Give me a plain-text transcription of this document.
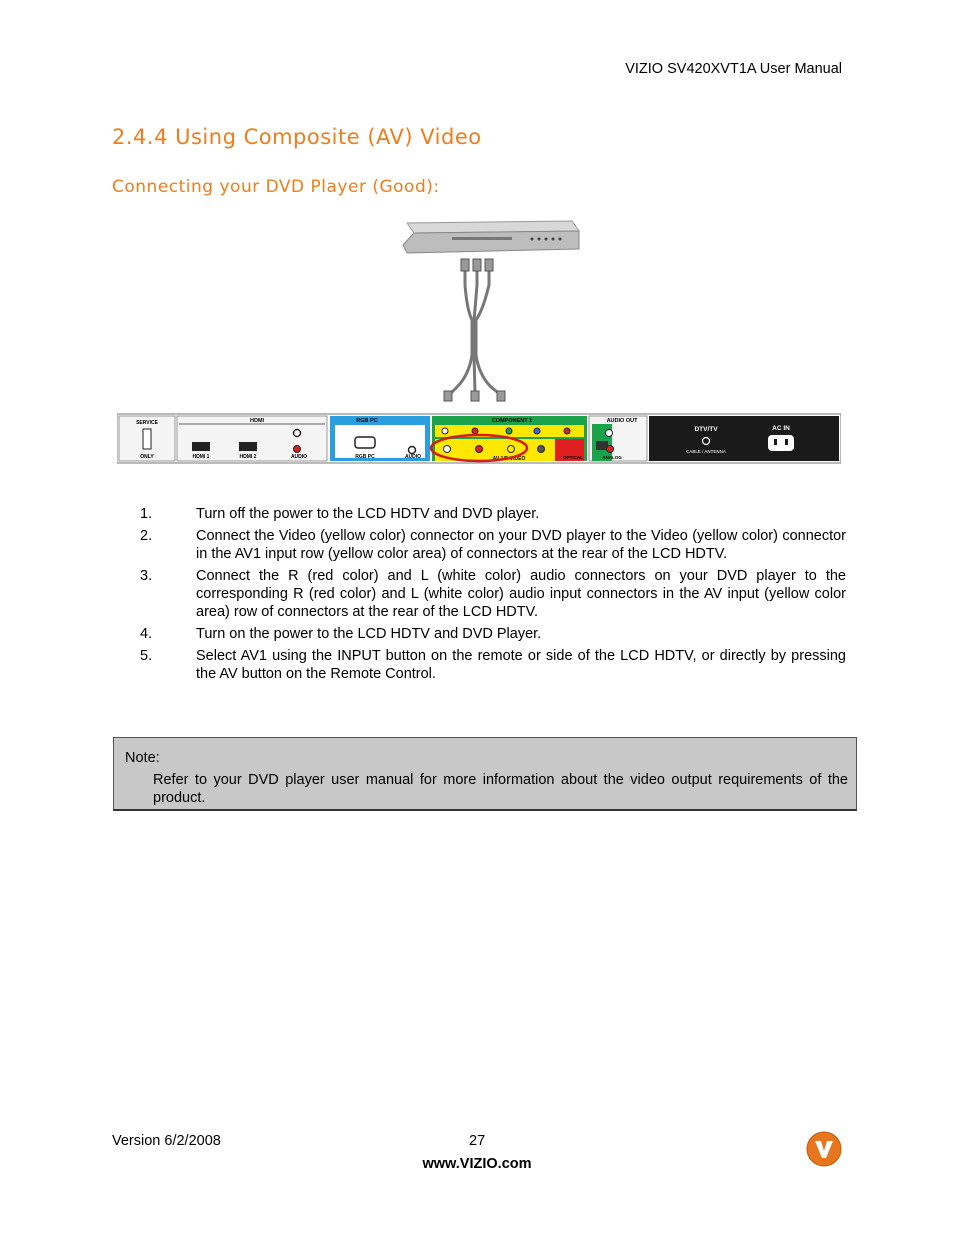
VIZIO SV420XVT1A User Manual
2.4.4 Using Composite (AV) Video
Connecting your DVD Player (Good):
SERVICE
ONLY
HDMI
HDMI 1	HDMI 2	AUDIO
RGB PC
RGB PC	AUDIO
COMPONENT 1
AV 1/S-VIDEO
AUDIO OUT
OPTICAL	ANALOG
DTV/TV
CABLE / ANTENNA
AC IN
1.	Turn off the power to the LCD HDTV and DVD player.
2.	Connect the Video (yellow color) connector on your DVD player to the Video (yellow color) connector in the AV1 input row (yellow color area) of connectors at the rear of the LCD HDTV.
3.	Connect the R (red color) and L (white color) audio connectors on your DVD player to the corresponding R (red color) and L (white color) audio input connectors in the AV input (yellow color area) row of connectors at the rear of the LCD HDTV.
4.	Turn on the power to the LCD HDTV and DVD Player.
5.	Select AV1 using the INPUT button on the remote or side of the LCD HDTV, or directly by pressing the AV button on the Remote Control.
Note:
Refer to your DVD player user manual for more information about the video output requirements of the product.
Version 6/2/2008	27
www.VIZIO.com
